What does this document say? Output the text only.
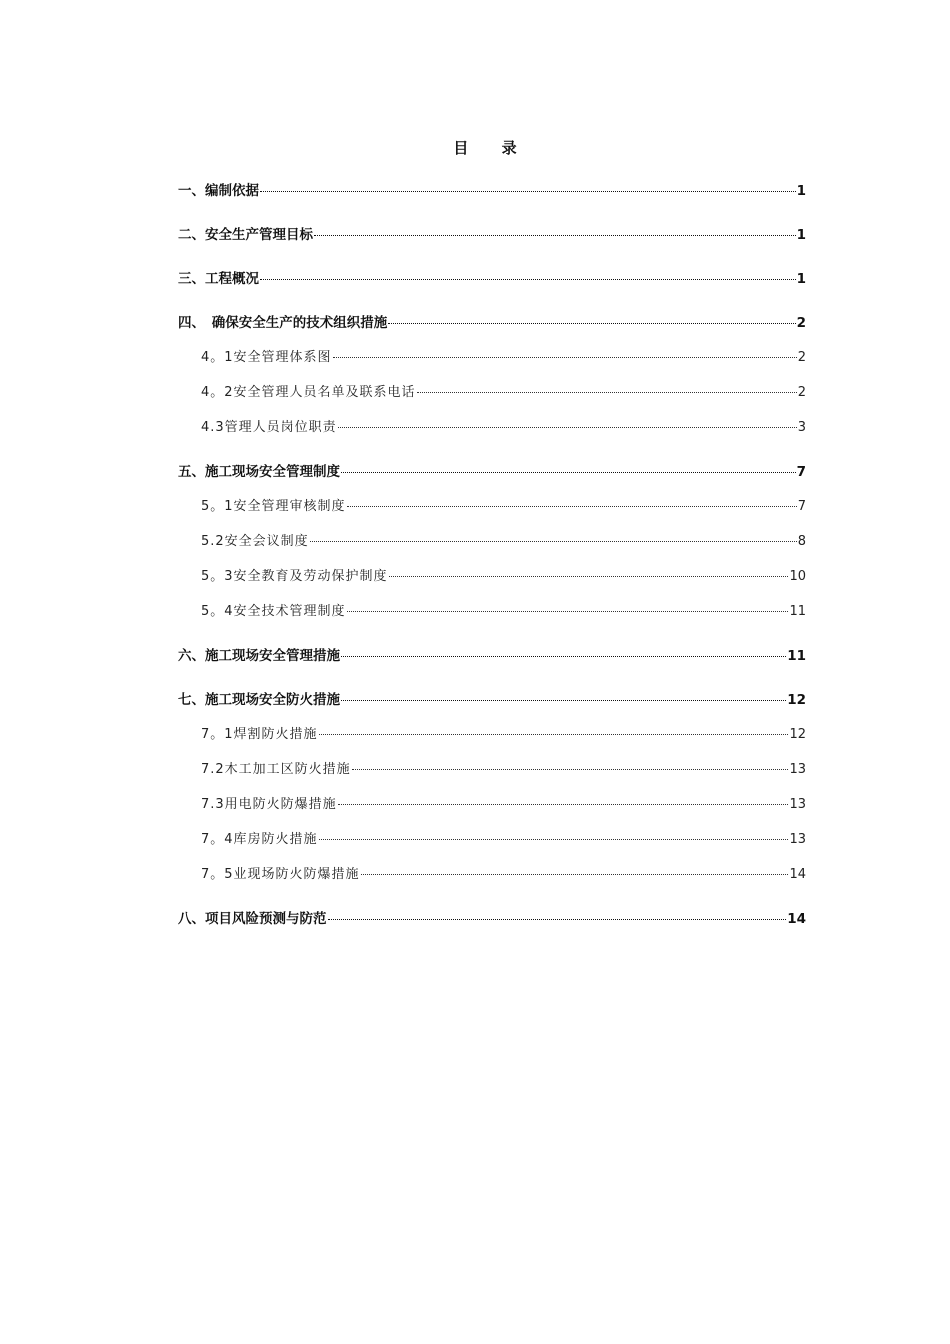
目 录
一、编制依据	1
二、安全生产管理目标	1
三、工程概况	1
四、　确保安全生产的技术组织措施	2
4。1安全管理体系图	2
4。2安全管理人员名单及联系电话	2
4.3管理人员岗位职责	3
五、施工现场安全管理制度	7
5。1安全管理审核制度	7
5.2安全会议制度	8
5。3安全教育及劳动保护制度	10
5。4安全技术管理制度	11
六、施工现场安全管理措施	11
七、施工现场安全防火措施	12
7。1焊割防火措施	12
7.2木工加工区防火措施	13
7.3用电防火防爆措施	13
7。4库房防火措施	13
7。5业现场防火防爆措施	14
八、项目风险预测与防范	14
